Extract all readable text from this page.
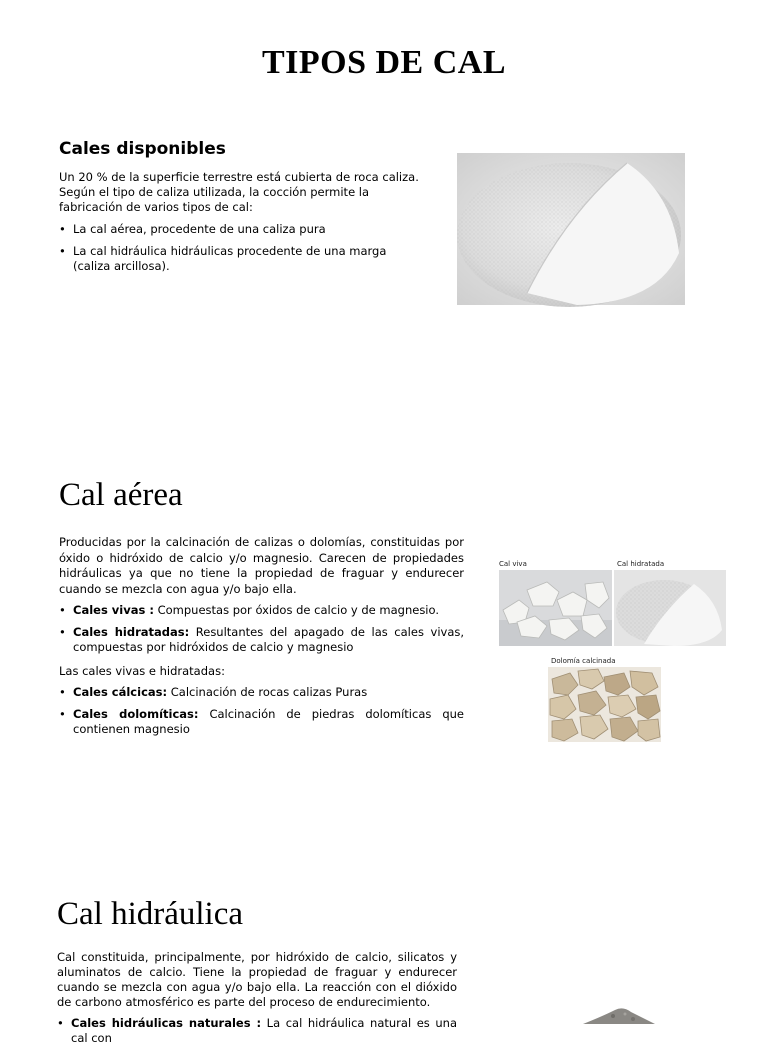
TIPOS DE CAL
Cales disponibles
Un 20 % de la superficie terrestre está cubierta de roca caliza. Según el tipo de caliza utilizada, la cocción permite la fabricación de varios tipos de cal:
• La cal aérea, procedente de una caliza pura
• La cal hidráulica hidráulicas procedente de una marga (caliza arcillosa).
Cal aérea
Producidas por la calcinación de calizas o dolomías, constituidas por óxido o hidróxido de calcio y/o magnesio. Carecen de propiedades hidráulicas ya que no tiene la propiedad de fraguar y endurecer cuando se mezcla con agua y/o bajo ella.
• Cales vivas : Compuestas por óxidos de calcio y de magnesio.
• Cales hidratadas: Resultantes del apagado de las cales vivas, compuestas por hidróxidos de calcio y magnesio
Las cales vivas e hidratadas:
• Cales cálcicas: Calcinación de rocas calizas Puras
• Cales dolomíticas: Calcinación de piedras dolomíticas que contienen magnesio
Cal viva	Cal hidratada
Dolomía calcinada
Cal hidráulica
Cal constituida, principalmente, por hidróxido de calcio, silicatos y aluminatos de calcio. Tiene la propiedad de fraguar y endurecer cuando se mezcla con agua y/o bajo ella. La reacción con el dióxido de carbono atmosférico es parte del proceso de endurecimiento.
• Cales hidráulicas naturales : La cal hidráulica natural es una cal con
